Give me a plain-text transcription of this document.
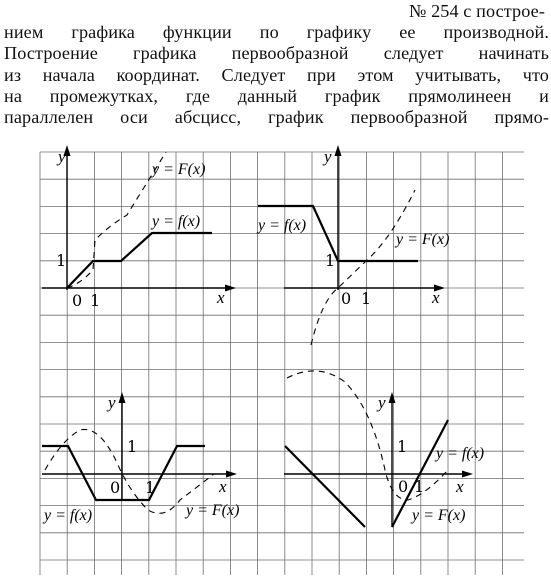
№ 254 с построе-
нием графика функции по графику ее производной.
Построение графика первообразной следует начинать
из начала координат. Следует при этом учитывать, что
на промежутках, где данный график прямолинеен и
параллелен оси абсцисс, график первообразной прямо-
y
1
0 1	x
y = F(x)
y = f(x)
y
1
0 1	x
y = f(x)
y = F(x)
y
1
0 1	x
y = f(x)	y = F(x)
y
1
0 1 x
y = f(x)
y = F(x)
